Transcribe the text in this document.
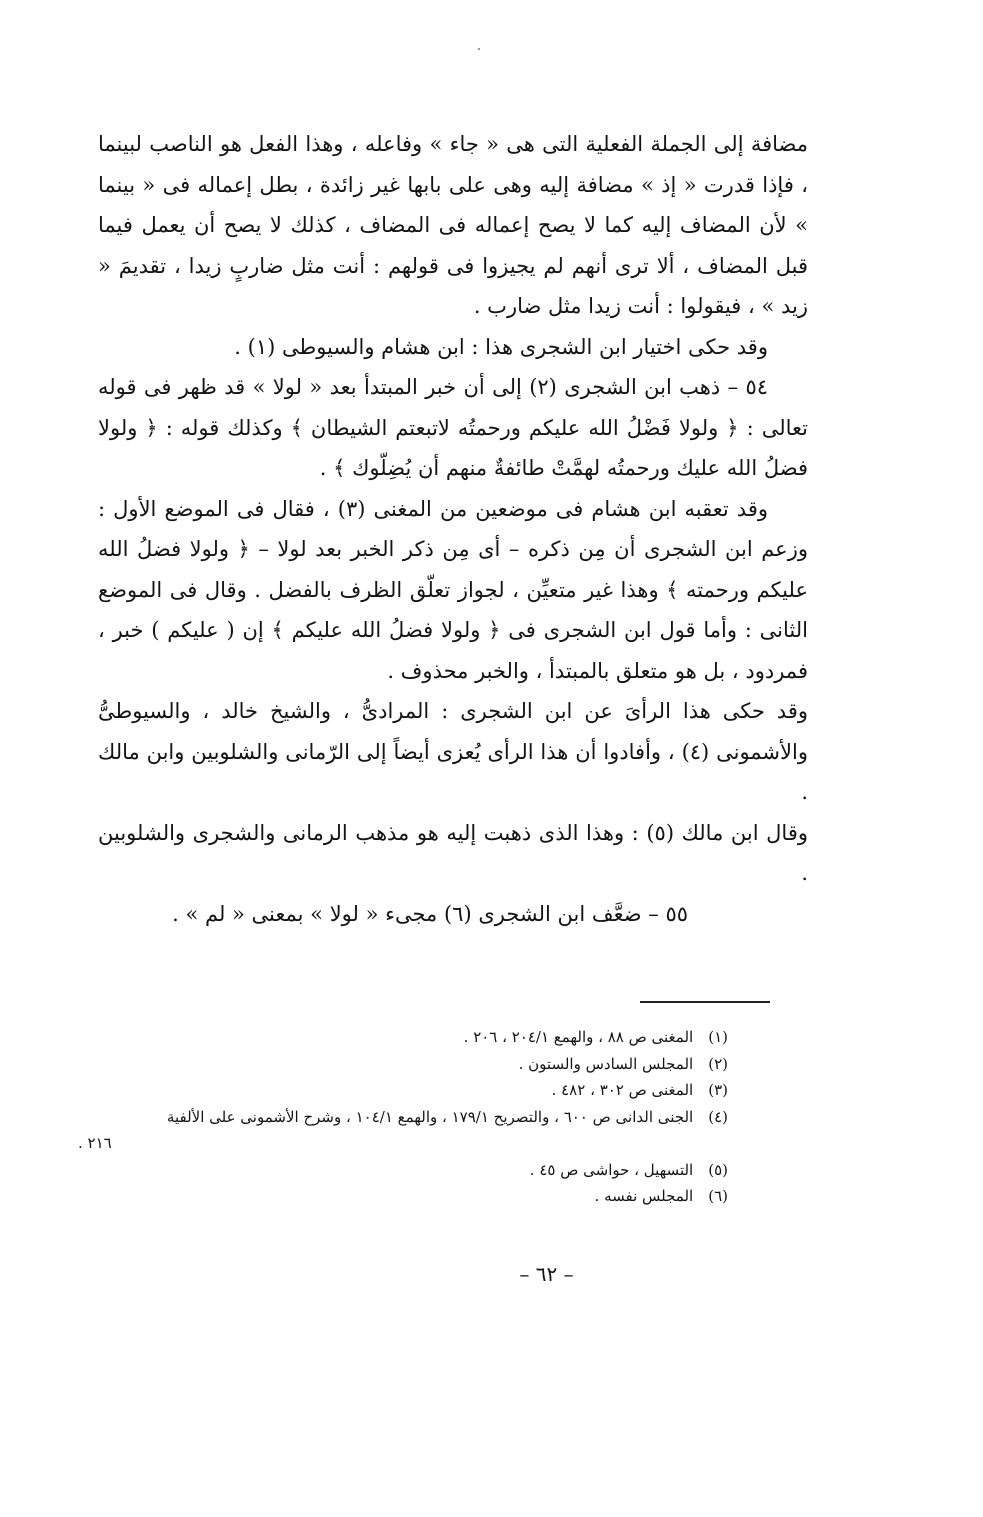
مضافة إلى الجملة الفعلية التى هى « جاء » وفاعله ، وهذا الفعل هو الناصب لبينما ، فإذا قدرت « إذ » مضافة إليه وهى على بابها غير زائدة ، بطل إعماله فى « بينما » لأن المضاف إليه كما لا يصح إعماله فى المضاف ، كذلك لا يصح أن يعمل فيما قبل المضاف ، ألا ترى أنهم لم يجيزوا فى قولهم : أنت مثل ضاربٍ زيدا ، تقديمَ « زيد » ، فيقولوا : أنت زيدا مثل ضارب .

وقد حكى اختيار ابن الشجرى هذا : ابن هشام والسيوطى (١) .

٥٤ – ذهب ابن الشجرى (٢) إلى أن خبر المبتدأ بعد « لولا » قد ظهر فى قوله تعالى : ﴿ ولولا فَضْلُ الله عليكم ورحمتُه لاتبعتم الشيطان ﴾ وكذلك قوله : ﴿ ولولا فضلُ الله عليك ورحمتُه لهمَّتْ طائفةٌ منهم أن يُضِلّوك ﴾ .

وقد تعقبه ابن هشام فى موضعين من المغنى (٣) ، فقال فى الموضع الأول : وزعم ابن الشجرى أن مِن ذكره – أى مِن ذكر الخبر بعد لولا – ﴿ ولولا فضلُ الله عليكم ورحمته ﴾ وهذا غير متعيِّن ، لجواز تعلّق الظرف بالفضل . وقال فى الموضع الثانى : وأما قول ابن الشجرى فى ﴿ ولولا فضلُ الله عليكم ﴾ إن ( عليكم ) خبر ، فمردود ، بل هو متعلق بالمبتدأ ، والخبر محذوف .

وقد حكى هذا الرأىَ عن ابن الشجرى : المرادىُّ ، والشيخ خالد ، والسيوطىُّ والأشمونى (٤) ، وأفادوا أن هذا الرأى يُعزى أيضاً إلى الرّمانى والشلوبين وابن مالك .

وقال ابن مالك (٥) : وهذا الذى ذهبت إليه هو مذهب الرمانى والشجرى والشلوبين .

٥٥ – ضعَّف ابن الشجرى (٦) مجىء « لولا » بمعنى « لم » .

(١) المغنى ص ٨٨ ، والهمع ٢٠٤/١ ، ٢٠٦ .

(٢) المجلس السادس والستون .

(٣) المغنى ص ٣٠٢ ، ٤٨٢ .

(٤) الجنى الدانى ص ٦٠٠ ، والتصريح ١٧٩/١ ، والهمع ١٠٤/١ ، وشرح الأشمونى على الألفية

٢١٦ .

(٥) التسهيل ، حواشى ص ٤٥ .

(٦) المجلس نفسه .

– ٦٢ –
